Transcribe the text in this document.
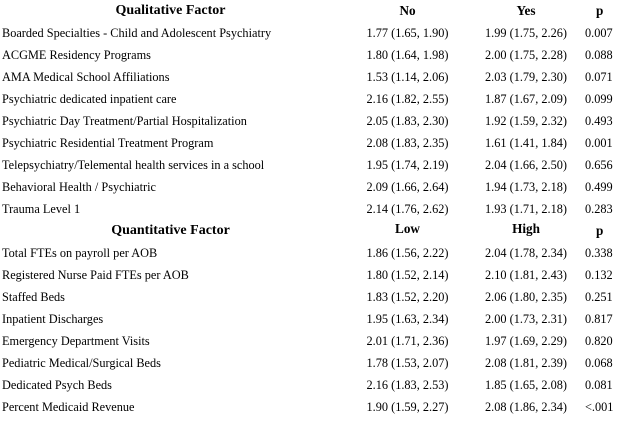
Qualitative Factor	No	Yes	p
Boarded Specialties - Child and Adolescent Psychiatry	1.77 (1.65, 1.90)	1.99 (1.75, 2.26)	0.007
ACGME Residency Programs	1.80 (1.64, 1.98)	2.00 (1.75, 2.28)	0.088
AMA Medical School Affiliations	1.53 (1.14, 2.06)	2.03 (1.79, 2.30)	0.071
Psychiatric dedicated inpatient care	2.16 (1.82, 2.55)	1.87 (1.67, 2.09)	0.099
Psychiatric Day Treatment/Partial Hospitalization	2.05 (1.83, 2.30)	1.92 (1.59, 2.32)	0.493
Psychiatric Residential Treatment Program	2.08 (1.83, 2.35)	1.61 (1.41, 1.84)	0.001
Telepsychiatry/Telemental health services in a school	1.95 (1.74, 2.19)	2.04 (1.66, 2.50)	0.656
Behavioral Health / Psychiatric	2.09 (1.66, 2.64)	1.94 (1.73, 2.18)	0.499
Trauma Level 1	2.14 (1.76, 2.62)	1.93 (1.71, 2.18)	0.283
Quantitative Factor	Low	High	p
Total FTEs on payroll per AOB	1.86 (1.56, 2.22)	2.04 (1.78, 2.34)	0.338
Registered Nurse Paid FTEs per AOB	1.80 (1.52, 2.14)	2.10 (1.81, 2.43)	0.132
Staffed Beds	1.83 (1.52, 2.20)	2.06 (1.80, 2.35)	0.251
Inpatient Discharges	1.95 (1.63, 2.34)	2.00 (1.73, 2.31)	0.817
Emergency Department Visits	2.01 (1.71, 2.36)	1.97 (1.69, 2.29)	0.820
Pediatric Medical/Surgical Beds	1.78 (1.53, 2.07)	2.08 (1.81, 2.39)	0.068
Dedicated Psych Beds	2.16 (1.83, 2.53)	1.85 (1.65, 2.08)	0.081
Percent Medicaid Revenue	1.90 (1.59, 2.27)	2.08 (1.86, 2.34)	<.001
